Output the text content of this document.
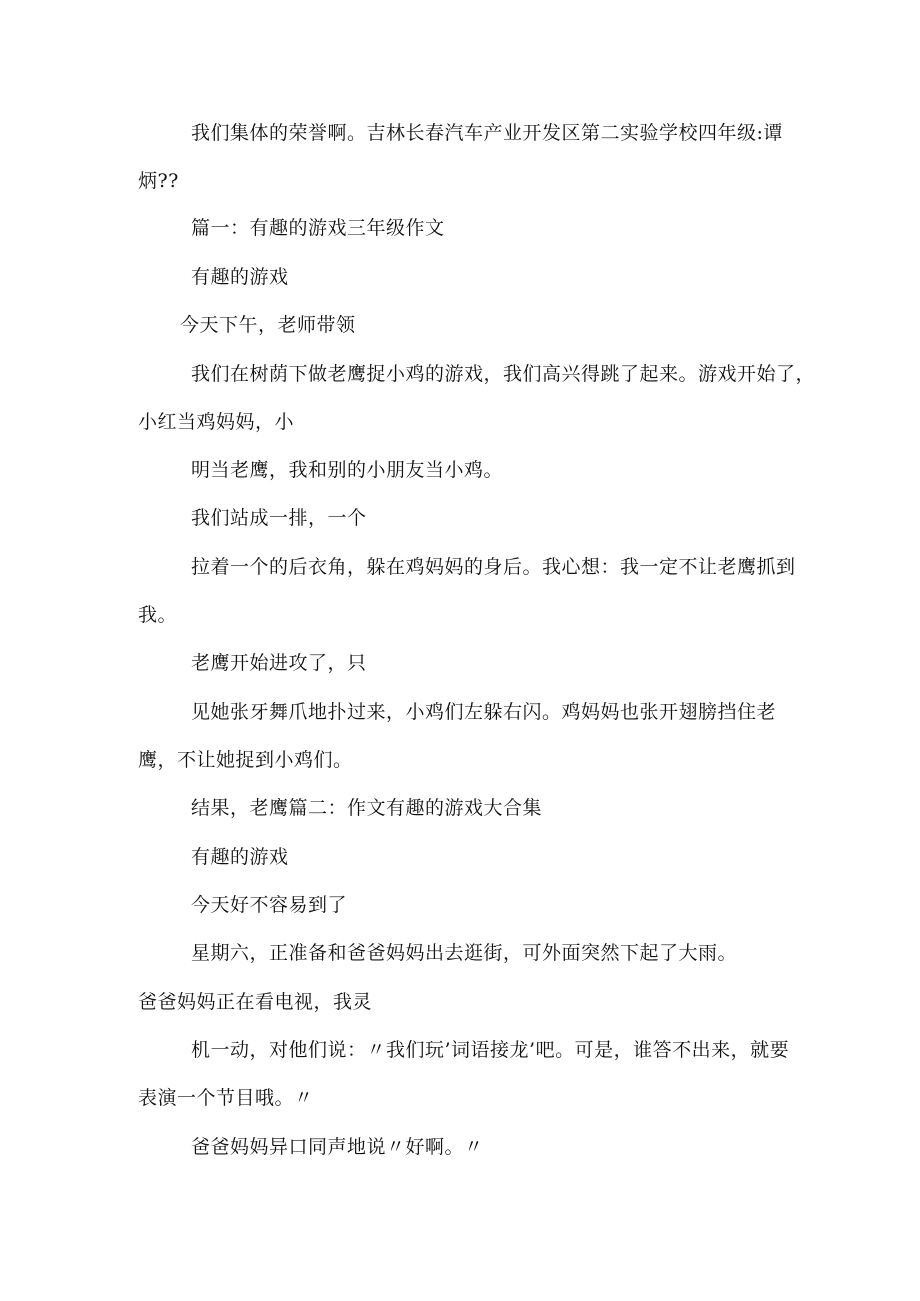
我们集体的荣誉啊。吉林长春汽车产业开发区第二实验学校四年级:谭
炳??
篇一：有趣的游戏三年级作文
有趣的游戏
今天下午，老师带领
我们在树荫下做老鹰捉小鸡的游戏，我们高兴得跳了起来。游戏开始了，
小红当鸡妈妈，小
明当老鹰，我和别的小朋友当小鸡。
我们站成一排，一个
拉着一个的后衣角，躲在鸡妈妈的身后。我心想：我一定不让老鹰抓到
我。
老鹰开始进攻了，只
见她张牙舞爪地扑过来，小鸡们左躲右闪。鸡妈妈也张开翅膀挡住老
鹰，不让她捉到小鸡们。
结果，老鹰篇二：作文有趣的游戏大合集
有趣的游戏
今天好不容易到了
星期六，正准备和爸爸妈妈出去逛街，可外面突然下起了大雨。
爸爸妈妈正在看电视，我灵
机一动，对他们说：〃我们玩’词语接龙’吧。可是，谁答不出来，就要
表演一个节目哦。〃
爸爸妈妈异口同声地说〃好啊。〃
